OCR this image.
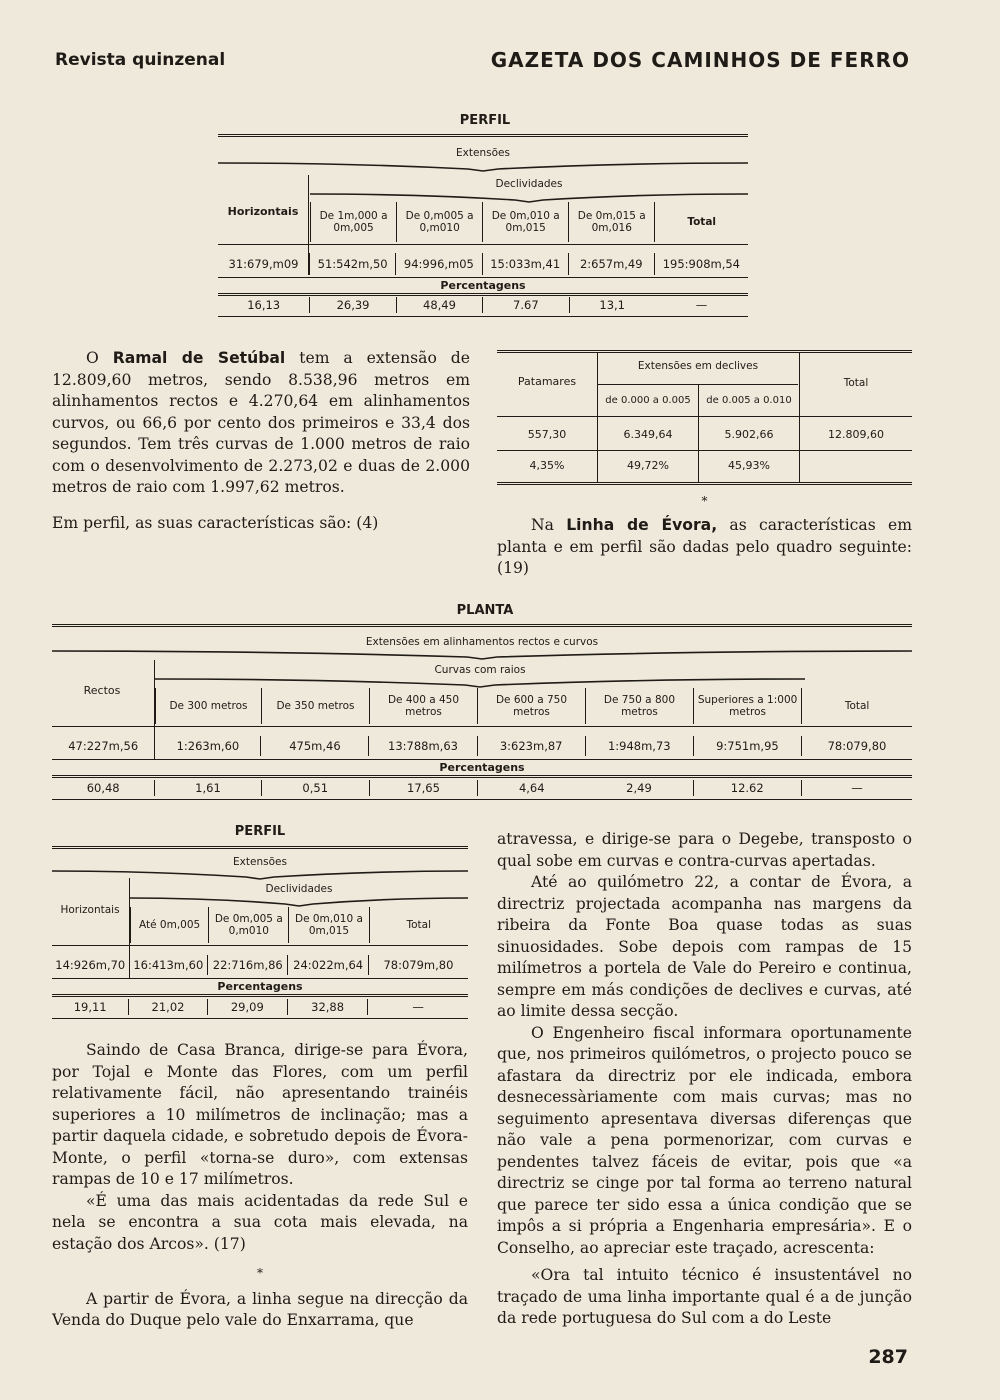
Revista quinzenal	GAZETA DOS CAMINHOS DE FERRO
PERFIL
Extensões
Declividades
Horizontais	De 1m,000 a 0m,005	De 0,m005 a 0,m010	De 0m,010 a 0m,015	De 0m,015 a 0m,016	Total
31:679,m09	51:542m,50	94:996,m05	15:033m,41	2:657m,49	195:908m,54
Percentagens
16,13	26,39	48,49	7.67	13,1	—

O Ramal de Setúbal tem a extensão de 12.809,60 metros, sendo 8.538,96 metros em alinhamentos rectos e 4.270,64 em alinhamentos curvos, ou 66,6 por cento dos primeiros e 33,4 dos segundos. Tem três curvas de 1.000 metros de raio com o desenvolvimento de 2.273,02 e duas de 2.000 metros de raio com 1.997,62 metros.

Em perfil, as suas características são: (4)

Patamares
Extensões em declives
Total
de 0.000 a 0.005	de 0.005 a 0.010
557,30	6.349,64	5.902,66	12.809,60
4,35%	49,72%	45,93%
*

Na Linha de Évora, as características em planta e em perfil são dadas pelo quadro seguinte: (19)

PLANTA
Extensões em alinhamentos rectos e curvos
Curvas com raios
Rectos
De 300 metros	De 350 metros	De 400 a 450 metros	De 600 a 750 metros	De 750 a 800 metros	Superiores a 1:000 metros	Total
47:227m,56	1:263m,60	475m,46	13:788m,63	3:623m,87	1:948m,73	9:751m,95	78:079,80
Percentagens
60,48	1,61	0,51	17,65	4,64	2,49	12.62	—
PERFIL
Extensões
Declividades
Horizontais
Até 0m,005	De 0m,005 a 0,m010	De 0m,010 a 0m,015	Total
14:926m,70	16:413m,60	22:716m,86	24:022m,64	78:079m,80
Percentagens
19,11	21,02	29,09	32,88	—

Saindo de Casa Branca, dirige-se para Évora, por Tojal e Monte das Flores, com um perfil relativamente fácil, não apresentando trainéis superiores a 10 milímetros de inclinação; mas a partir daquela cidade, e sobretudo depois de Évora-Monte, o perfil «torna-se duro», com extensas rampas de 10 e 17 milímetros.

«É uma das mais acidentadas da rede Sul e nela se encontra a sua cota mais elevada, na estação dos Arcos». (17)

*

A partir de Évora, a linha segue na direcção da Venda do Duque pelo vale do Enxarrama, que

atravessa, e dirige-se para o Degebe, transposto o qual sobe em curvas e contra-curvas apertadas.

Até ao quilómetro 22, a contar de Évora, a directriz projectada acompanha nas margens da ribeira da Fonte Boa quase todas as suas sinuosidades. Sobe depois com rampas de 15 milímetros a portela de Vale do Pereiro e continua, sempre em más condições de declives e curvas, até ao limite dessa secção.

O Engenheiro fiscal informara oportunamente que, nos primeiros quilómetros, o projecto pouco se afastara da directriz por ele indicada, embora desnecessàriamente com mais curvas; mas no seguimento apresentava diversas diferenças que não vale a pena pormenorizar, com curvas e pendentes talvez fáceis de evitar, pois que «a directriz se cinge por tal forma ao terreno natural que parece ter sido essa a única condição que se impôs a si própria a Engenharia empresária». E o Conselho, ao apreciar este traçado, acrescenta:

«Ora tal intuito técnico é insustentável no traçado de uma linha importante qual é a de junção da rede portuguesa do Sul com a do Leste

287
